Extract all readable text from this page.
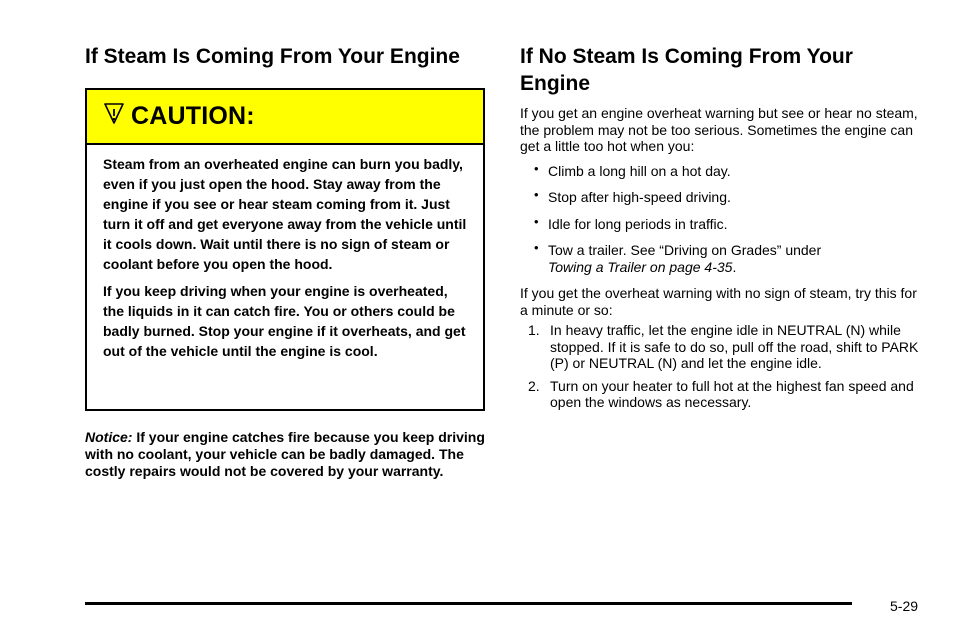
If Steam Is Coming From Your Engine
CAUTION:

Steam from an overheated engine can burn you badly, even if you just open the hood. Stay away from the engine if you see or hear steam coming from it. Just turn it off and get everyone away from the vehicle until it cools down. Wait until there is no sign of steam or coolant before you open the hood.

If you keep driving when your engine is overheated, the liquids in it can catch fire. You or others could be badly burned. Stop your engine if it overheats, and get out of the vehicle until the engine is cool.

Notice: If your engine catches fire because you keep driving with no coolant, your vehicle can be badly damaged. The costly repairs would not be covered by your warranty.

If No Steam Is Coming From Your Engine

If you get an engine overheat warning but see or hear no steam, the problem may not be too serious. Sometimes the engine can get a little too hot when you:

• Climb a long hill on a hot day.
• Stop after high-speed driving.
• Idle for long periods in traffic.
• Tow a trailer. See “Driving on Grades” under
Towing a Trailer on page 4-35.

If you get the overheat warning with no sign of steam, try this for a minute or so:

1. In heavy traffic, let the engine idle in NEUTRAL (N) while stopped. If it is safe to do so, pull off the road, shift to PARK (P) or NEUTRAL (N) and let the engine idle.
2. Turn on your heater to full hot at the highest fan speed and open the windows as necessary.
5-29
